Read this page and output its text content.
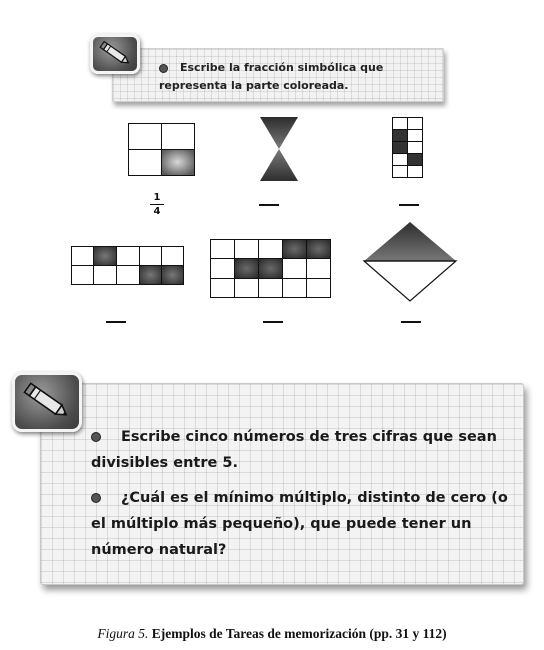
Escribe la fracción simbólica que representa la parte coloreada.
1
4
Escribe cinco números de tres cifras que sean divisibles entre 5.
¿Cuál es el mínimo múltiplo, distinto de cero (o el múltiplo más pequeño), que puede tener un número natural?
Figura 5. Ejemplos de Tareas de memorización (pp. 31 y 112)
